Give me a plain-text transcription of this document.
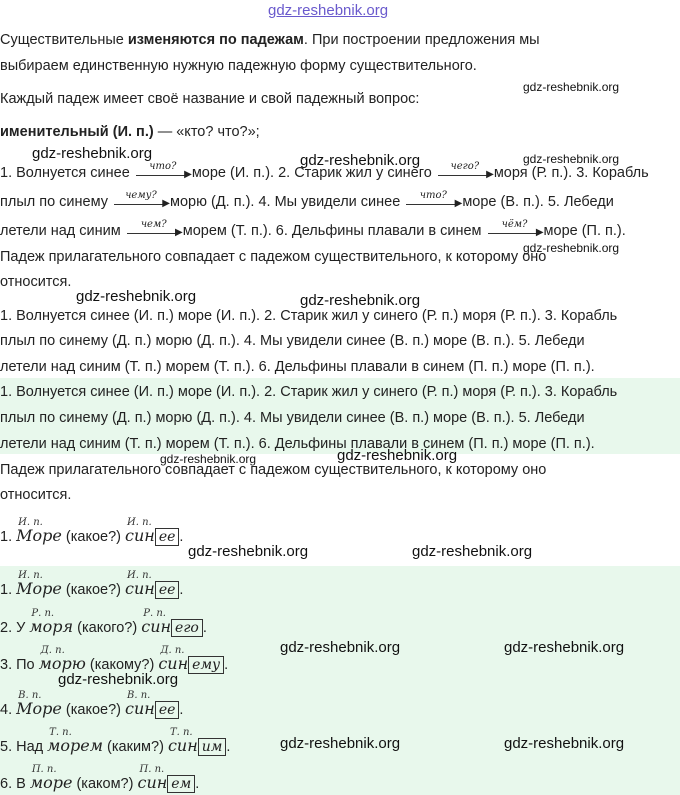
gdz-reshebnik.org
Существительные изменяются по падежам. При построении предложения мы
выбираем единственную нужную падежную форму существительного.
Каждый падеж имеет своё название и свой падежный вопрос:
именительный (И. п.) — «кто? что?»;
1. Волнуется синее	что?
▶ море (И. п.). 2. Старик жил у синего	чего?
▶ моря (Р. п.). 3. Корабль
плыл по синему	чему?
▶ морю (Д. п.). 4. Мы увидели синее	что?
▶ море (В. п.). 5. Лебеди
летели над синим	чем?
▶ морем (Т. п.). 6. Дельфины плавали в синем	чём?
▶ море (П. п.).
Падеж прилагательного совпадает с падежом существительного, к которому оно
относится.
1. Волнуется синее (И. п.) море (И. п.). 2. Старик жил у синего (Р. п.) моря (Р. п.). 3. Корабль
плыл по синему (Д. п.) морю (Д. п.). 4. Мы увидели синее (В. п.) море (В. п.). 5. Лебеди
летели над синим (Т. п.) морем (Т. п.). 6. Дельфины плавали в синем (П. п.) море (П. п.).
1. Волнуется синее (И. п.) море (И. п.). 2. Старик жил у синего (Р. п.) моря (Р. п.). 3. Корабль
плыл по синему (Д. п.) морю (Д. п.). 4. Мы увидели синее (В. п.) море (В. п.). 5. Лебеди
летели над синим (Т. п.) морем (Т. п.). 6. Дельфины плавали в синем (П. п.) море (П. п.).
Падеж прилагательного совпадает с падежом существительного, к которому оно
относится.
1.
И. п.
Море (какое?)
И. п.
син ее .
1.
И. п.
Море (какое?)
И. п.
син ее .
2. У
Р. п.
моря (какого?)
Р. п.
син его .
3. По
Д. п.
морю (какому?)
Д. п.
син ему .
4.
В. п.
Море (какое?)
В. п.
син ее .
5. Над
Т. п.
морем (каким?)
Т. п.
син им .
6. В
П. п.
море (каком?)
П. п.
син ем .
gdz-reshebnik.org	gdz-reshebnik.org
gdz-reshebnik.org
gdz-reshebnik.org
gdz-reshebnik.org
gdz-reshebnik.org	gdz-reshebnik.org
gdz-reshebnik.org	gdz-reshebnik.org
gdz-reshebnik.org	gdz-reshebnik.org
gdz-reshebnik.org	gdz-reshebnik.org
gdz-reshebnik.org
gdz-reshebnik.org	gdz-reshebnik.org
